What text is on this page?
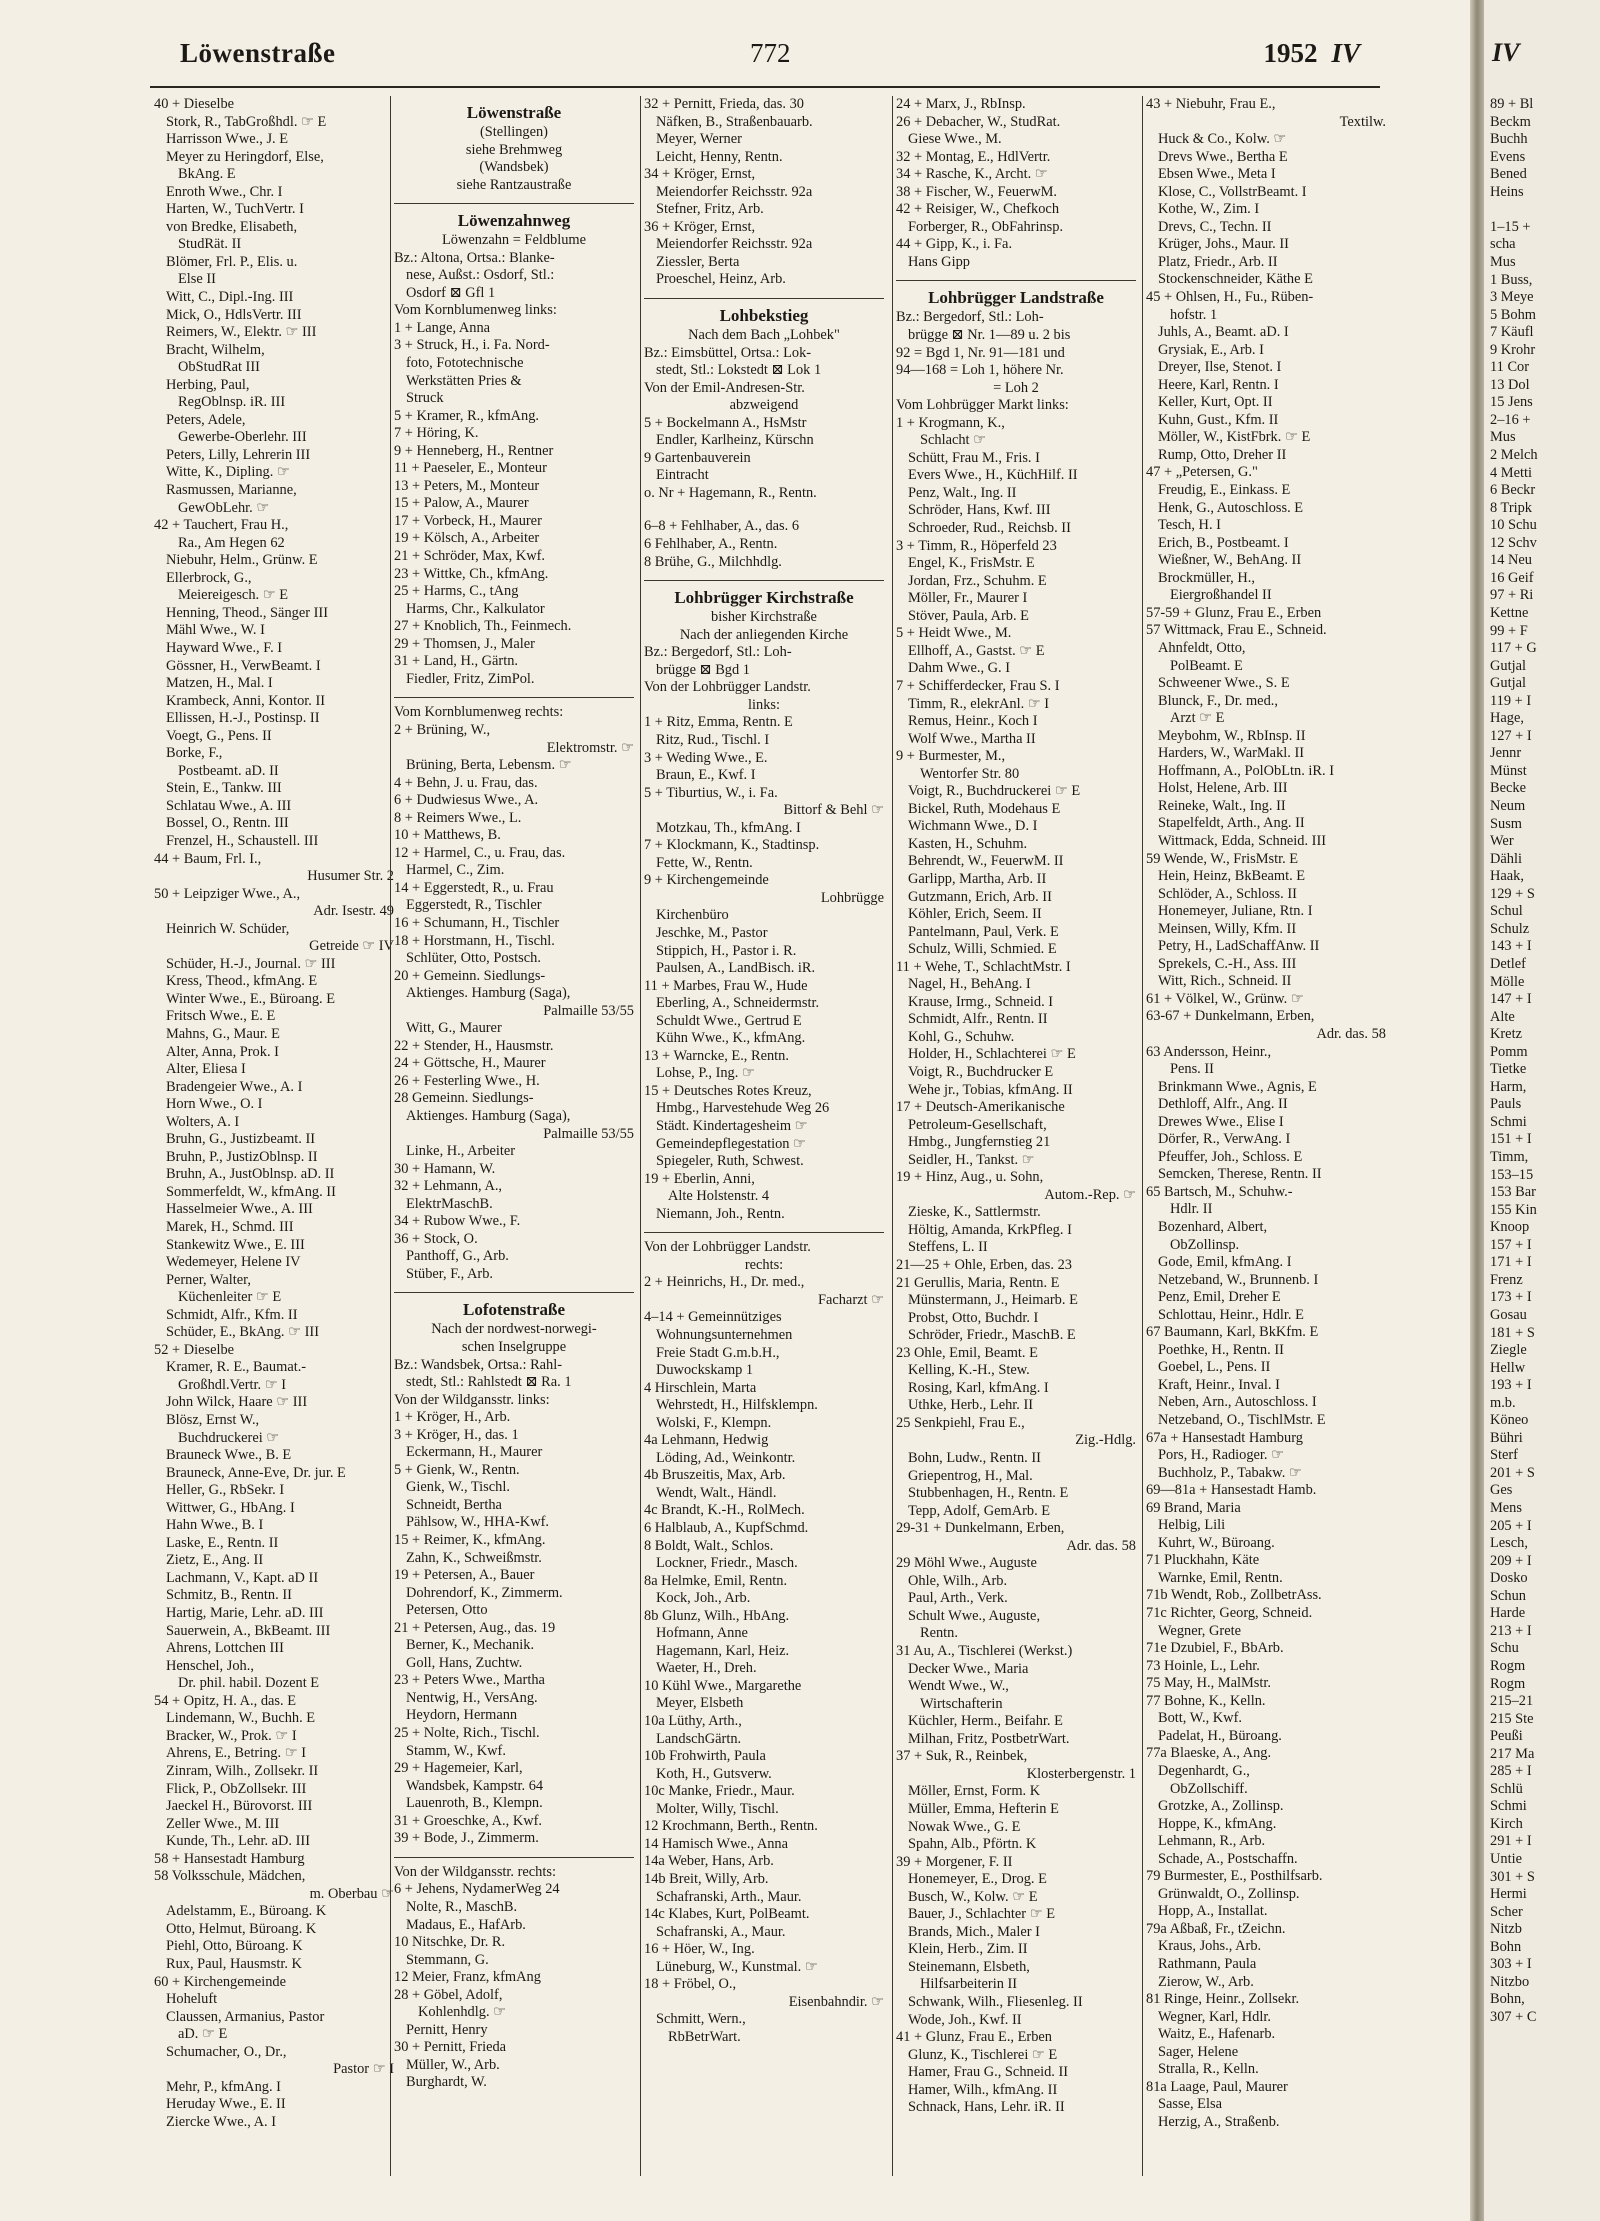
Löwenstraße	772	1952 IV
40 + Dieselbe
Stork, R., TabGroßhdl. ☞ E
Harrisson Wwe., J. E
Meyer zu Heringdorf, Else,
BkAng. E
Enroth Wwe., Chr. I
Harten, W., TuchVertr. I
von Bredke, Elisabeth,
StudRät. II
Blömer, Frl. P., Elis. u.
Else II
Witt, C., Dipl.-Ing. III
Mick, O., HdlsVertr. III
Reimers, W., Elektr. ☞ III
Bracht, Wilhelm,
ObStudRat III
Herbing, Paul,
RegOblnsp. iR. III
Peters, Adele,
Gewerbe-Oberlehr. III
Peters, Lilly, Lehrerin III
Witte, K., Dipling. ☞
Rasmussen, Marianne,
GewObLehr. ☞
42 + Tauchert, Frau H.,
Ra., Am Hegen 62
Niebuhr, Helm., Grünw. E
Ellerbrock, G.,
Meiereigesch. ☞ E
Henning, Theod., Sänger III
Mähl Wwe., W. I
Hayward Wwe., F. I
Gössner, H., VerwBeamt. I
Matzen, H., Mal. I
Krambeck, Anni, Kontor. II
Ellissen, H.-J., Postinsp. II
Voegt, G., Pens. II
Borke, F.,
Postbeamt. aD. II
Stein, E., Tankw. III
Schlatau Wwe., A. III
Bossel, O., Rentn. III
Frenzel, H., Schaustell. III
44 + Baum, Frl. I.,
Husumer Str. 2
50 + Leipziger Wwe., A.,
Adr. Isestr. 49
Heinrich W. Schüder,
Getreide ☞ IV
Schüder, H.-J., Journal. ☞ III
Kress, Theod., kfmAng. E
Winter Wwe., E., Büroang. E
Fritsch Wwe., E. E
Mahns, G., Maur. E
Alter, Anna, Prok. I
Alter, Eliesa I
Bradengeier Wwe., A. I
Horn Wwe., O. I
Wolters, A. I
Bruhn, G., Justizbeamt. II
Bruhn, P., JustizOblnsp. II
Bruhn, A., JustOblnsp. aD. II
Sommerfeldt, W., kfmAng. II
Hasselmeier Wwe., A. III
Marek, H., Schmd. III
Stankewitz Wwe., E. III
Wedemeyer, Helene IV
Perner, Walter,
Küchenleiter ☞ E
Schmidt, Alfr., Kfm. II
Schüder, E., BkAng. ☞ III
52 + Dieselbe
Kramer, R. E., Baumat.-
Großhdl.Vertr. ☞ I
John Wilck, Haare ☞ III
Blösz, Ernst W.,
Buchdruckerei ☞
Brauneck Wwe., B. E
Brauneck, Anne-Eve, Dr. jur. E
Heller, G., RbSekr. I
Wittwer, G., HbAng. I
Hahn Wwe., B. I
Laske, E., Rentn. II
Zietz, E., Ang. II
Lachmann, V., Kapt. aD II
Schmitz, B., Rentn. II
Hartig, Marie, Lehr. aD. III
Sauerwein, A., BkBeamt. III
Ahrens, Lottchen III
Henschel, Joh.,
Dr. phil. habil. Dozent E
54 + Opitz, H. A., das. E
Lindemann, W., Buchh. E
Bracker, W., Prok. ☞ I
Ahrens, E., Betring. ☞ I
Zinram, Wilh., Zollsekr. II
Flick, P., ObZollsekr. III
Jaeckel H., Bürovorst. III
Zeller Wwe., M. III
Kunde, Th., Lehr. aD. III
58 + Hansestadt Hamburg
58 Volksschule, Mädchen,
m. Oberbau ☞
Adelstamm, E., Büroang. K
Otto, Helmut, Büroang. K
Piehl, Otto, Büroang. K
Rux, Paul, Hausmstr. K
60 + Kirchengemeinde
Hoheluft
Claussen, Armanius, Pastor
aD. ☞ E
Schumacher, O., Dr.,
Pastor ☞ I
Mehr, P., kfmAng. I
Heruday Wwe., E. II
Ziercke Wwe., A. I
Löwenstraße
(Stellingen)
siehe Brehmweg
(Wandsbek)
siehe Rantzaustraße
Löwenzahnweg
Löwenzahn = Feldblume
Bz.: Altona, Ortsa.: Blanke-
nese, Außst.: Osdorf, Stl.:
Osdorf ⊠ Gfl 1
Vom Kornblumenweg links:
1 + Lange, Anna
3 + Struck, H., i. Fa. Nord-
foto, Fototechnische
Werkstätten Pries &
Struck
5 + Kramer, R., kfmAng.
7 + Höring, K.
9 + Henneberg, H., Rentner
11 + Paeseler, E., Monteur
13 + Peters, M., Monteur
15 + Palow, A., Maurer
17 + Vorbeck, H., Maurer
19 + Kölsch, A., Arbeiter
21 + Schröder, Max, Kwf.
23 + Wittke, Ch., kfmAng.
25 + Harms, C., tAng
Harms, Chr., Kalkulator
27 + Knoblich, Th., Feinmech.
29 + Thomsen, J., Maler
31 + Land, H., Gärtn.
Fiedler, Fritz, ZimPol.
Vom Kornblumenweg rechts:
2 + Brüning, W.,
Elektromstr. ☞
Brüning, Berta, Lebensm. ☞
4 + Behn, J. u. Frau, das.
6 + Dudwiesus Wwe., A.
8 + Reimers Wwe., L.
10 + Matthews, B.
12 + Harmel, C., u. Frau, das.
Harmel, C., Zim.
14 + Eggerstedt, R., u. Frau
Eggerstedt, R., Tischler
16 + Schumann, H., Tischler
18 + Horstmann, H., Tischl.
Schlüter, Otto, Postsch.
20 + Gemeinn. Siedlungs-
Aktienges. Hamburg (Saga),
Palmaille 53/55
Witt, G., Maurer
22 + Stender, H., Hausmstr.
24 + Göttsche, H., Maurer
26 + Festerling Wwe., H.
28 Gemeinn. Siedlungs-
Aktienges. Hamburg (Saga),
Palmaille 53/55
Linke, H., Arbeiter
30 + Hamann, W.
32 + Lehmann, A.,
ElektrMaschB.
34 + Rubow Wwe., F.
36 + Stock, O.
Panthoff, G., Arb.
Stüber, F., Arb.
Lofotenstraße
Nach der nordwest-norwegi-
schen Inselgruppe
Bz.: Wandsbek, Ortsa.: Rahl-
stedt, Stl.: Rahlstedt ⊠ Ra. 1
Von der Wildgansstr. links:
1 + Kröger, H., Arb.
3 + Kröger, H., das. 1
Eckermann, H., Maurer
5 + Gienk, W., Rentn.
Gienk, W., Tischl.
Schneidt, Bertha
Pählsow, W., HHA-Kwf.
15 + Reimer, K., kfmAng.
Zahn, K., Schweißmstr.
19 + Petersen, A., Bauer
Dohrendorf, K., Zimmerm.
Petersen, Otto
21 + Petersen, Aug., das. 19
Berner, K., Mechanik.
Goll, Hans, Zuchtw.
23 + Peters Wwe., Martha
Nentwig, H., VersAng.
Heydorn, Hermann
25 + Nolte, Rich., Tischl.
Stamm, W., Kwf.
29 + Hagemeier, Karl,
Wandsbek, Kampstr. 64
Lauenroth, B., Klempn.
31 + Groeschke, A., Kwf.
39 + Bode, J., Zimmerm.
Von der Wildgansstr. rechts:
6 + Jehens, NydamerWeg 24
Nolte, R., MaschB.
Madaus, E., HafArb.
10 Nitschke, Dr. R.
Stemmann, G.
12 Meier, Franz, kfmAng
28 + Göbel, Adolf,
Kohlenhdlg. ☞
Pernitt, Henry
30 + Pernitt, Frieda
Müller, W., Arb.
Burghardt, W.
32 + Pernitt, Frieda, das. 30
Näfken, B., Straßenbauarb.
Meyer, Werner
Leicht, Henny, Rentn.
34 + Kröger, Ernst,
Meiendorfer Reichsstr. 92a
Stefner, Fritz, Arb.
36 + Kröger, Ernst,
Meiendorfer Reichsstr. 92a
Ziessler, Berta
Proeschel, Heinz, Arb.
Lohbekstieg
Nach dem Bach „Lohbek"
Bz.: Eimsbüttel, Ortsa.: Lok-
stedt, Stl.: Lokstedt ⊠ Lok 1
Von der Emil-Andresen-Str.
abzweigend
5 + Bockelmann A., HsMstr
Endler, Karlheinz, Kürschn
9 Gartenbauverein
Eintracht
o. Nr + Hagemann, R., Rentn.
6–8 + Fehlhaber, A., das. 6
6 Fehlhaber, A., Rentn.
8 Brühe, G., Milchhdlg.
Lohbrügger Kirchstraße
bisher Kirchstraße
Nach der anliegenden Kirche
Bz.: Bergedorf, Stl.: Loh-
brügge ⊠ Bgd 1
Von der Lohbrügger Landstr.
links:
1 + Ritz, Emma, Rentn. E
Ritz, Rud., Tischl. I
3 + Weding Wwe., E.
Braun, E., Kwf. I
5 + Tiburtius, W., i. Fa.
Bittorf & Behl ☞
Motzkau, Th., kfmAng. I
7 + Klockmann, K., Stadtinsp.
Fette, W., Rentn.
9 + Kirchengemeinde
Lohbrügge
Kirchenbüro
Jeschke, M., Pastor
Stippich, H., Pastor i. R.
Paulsen, A., LandBisch. iR.
11 + Marbes, Frau W., Hude
Eberling, A., Schneidermstr.
Schuldt Wwe., Gertrud E
Kühn Wwe., K., kfmAng.
13 + Warncke, E., Rentn.
Lohse, P., Ing. ☞
15 + Deutsches Rotes Kreuz,
Hmbg., Harvestehude Weg 26
Städt. Kindertagesheim ☞
Gemeindepflegestation ☞
Spiegeler, Ruth, Schwest.
19 + Eberlin, Anni,
Alte Holstenstr. 4
Niemann, Joh., Rentn.
Von der Lohbrügger Landstr.
rechts:
2 + Heinrichs, H., Dr. med.,
Facharzt ☞
4–14 + Gemeinnütziges
Wohnungsunternehmen
Freie Stadt G.m.b.H.,
Duwockskamp 1
4 Hirschlein, Marta
Wehrstedt, H., Hilfsklempn.
Wolski, F., Klempn.
4a Lehmann, Hedwig
Löding, Ad., Weinkontr.
4b Bruszeitis, Max, Arb.
Wendt, Walt., Händl.
4c Brandt, K.-H., RolMech.
6 Halblaub, A., KupfSchmd.
8 Boldt, Walt., Schlos.
Lockner, Friedr., Masch.
8a Helmke, Emil, Rentn.
Kock, Joh., Arb.
8b Glunz, Wilh., HbAng.
Hofmann, Anne
Hagemann, Karl, Heiz.
Waeter, H., Dreh.
10 Kühl Wwe., Margarethe
Meyer, Elsbeth
10a Lüthy, Arth.,
LandschGärtn.
10b Frohwirth, Paula
Koth, H., Gutsverw.
10c Manke, Friedr., Maur.
Molter, Willy, Tischl.
12 Krochmann, Berth., Rentn.
14 Hamisch Wwe., Anna
14a Weber, Hans, Arb.
14b Breit, Willy, Arb.
Schafranski, Arth., Maur.
14c Klabes, Kurt, PolBeamt.
Schafranski, A., Maur.
16 + Höer, W., Ing.
Lüneburg, W., Kunstmal. ☞
18 + Fröbel, O.,
Eisenbahndir. ☞
Schmitt, Wern.,
RbBetrWart.
24 + Marx, J., RbInsp.
26 + Debacher, W., StudRat.
Giese Wwe., M.
32 + Montag, E., HdlVertr.
34 + Rasche, K., Archt. ☞
38 + Fischer, W., FeuerwM.
42 + Reisiger, W., Chefkoch
Forberger, R., ObFahrinsp.
44 + Gipp, K., i. Fa.
Hans Gipp
Lohbrügger Landstraße
Bz.: Bergedorf, Stl.: Loh-
brügge ⊠ Nr. 1—89 u. 2 bis
92 = Bgd 1, Nr. 91—181 und
94—168 = Loh 1, höhere Nr.
= Loh 2
Vom Lohbrügger Markt links:
1 + Krogmann, K.,
Schlacht ☞
Schütt, Frau M., Fris. I
Evers Wwe., H., KüchHilf. II
Penz, Walt., Ing. II
Schröder, Hans, Kwf. III
Schroeder, Rud., Reichsb. II
3 + Timm, R., Höperfeld 23
Engel, K., FrisMstr. E
Jordan, Frz., Schuhm. E
Möller, Fr., Maurer I
Stöver, Paula, Arb. E
5 + Heidt Wwe., M.
Ellhoff, A., Gastst. ☞ E
Dahm Wwe., G. I
7 + Schifferdecker, Frau S. I
Timm, R., elekrAnl. ☞ I
Remus, Heinr., Koch I
Wolf Wwe., Martha II
9 + Burmester, M.,
Wentorfer Str. 80
Voigt, R., Buchdruckerei ☞ E
Bickel, Ruth, Modehaus E
Wichmann Wwe., D. I
Kasten, H., Schuhm.
Behrendt, W., FeuerwM. II
Garlipp, Martha, Arb. II
Gutzmann, Erich, Arb. II
Köhler, Erich, Seem. II
Pantelmann, Paul, Verk. E
Schulz, Willi, Schmied. E
11 + Wehe, T., SchlachtMstr. I
Nagel, H., BehAng. I
Krause, Irmg., Schneid. I
Schmidt, Alfr., Rentn. II
Kohl, G., Schuhw.
Holder, H., Schlachterei ☞ E
Voigt, R., Buchdrucker E
Wehe jr., Tobias, kfmAng. II
17 + Deutsch-Amerikanische
Petroleum-Gesellschaft,
Hmbg., Jungfernstieg 21
Seidler, H., Tankst. ☞
19 + Hinz, Aug., u. Sohn,
Autom.-Rep. ☞
Zieske, K., Sattlermstr.
Höltig, Amanda, KrkPfleg. I
Steffens, L. II
21—25 + Ohle, Erben, das. 23
21 Gerullis, Maria, Rentn. E
Münstermann, J., Heimarb. E
Probst, Otto, Buchdr. I
Schröder, Friedr., MaschB. E
23 Ohle, Emil, Beamt. E
Kelling, K.-H., Stew.
Rosing, Karl, kfmAng. I
Uthke, Herb., Lehr. II
25 Senkpiehl, Frau E.,
Zig.-Hdlg.
Bohn, Ludw., Rentn. II
Griepentrog, H., Mal.
Stubbenhagen, H., Rentn. E
Tepp, Adolf, GemArb. E
29-31 + Dunkelmann, Erben,
Adr. das. 58
29 Möhl Wwe., Auguste
Ohle, Wilh., Arb.
Paul, Arth., Verk.
Schult Wwe., Auguste,
Rentn.
31 Au, A., Tischlerei (Werkst.)
Decker Wwe., Maria
Wendt Wwe., W.,
Wirtschafterin
Küchler, Herm., Beifahr. E
Milhan, Fritz, PostbetrWart.
37 + Suk, R., Reinbek,
Klosterbergenstr. 1
Möller, Ernst, Form. K
Müller, Emma, Hefterin E
Nowak Wwe., G. E
Spahn, Alb., Pförtn. K
39 + Morgener, F. II
Honemeyer, E., Drog. E
Busch, W., Kolw. ☞ E
Bauer, J., Schlachter ☞ E
Brands, Mich., Maler I
Klein, Herb., Zim. II
Steinemann, Elsbeth,
Hilfsarbeiterin II
Schwank, Wilh., Fliesenleg. II
Wode, Joh., Kwf. II
41 + Glunz, Frau E., Erben
Glunz, K., Tischlerei ☞ E
Hamer, Frau G., Schneid. II
Hamer, Wilh., kfmAng. II
Schnack, Hans, Lehr. iR. II
43 + Niebuhr, Frau E.,
Textilw.
Huck & Co., Kolw. ☞
Drevs Wwe., Bertha E
Ebsen Wwe., Meta I
Klose, C., VollstrBeamt. I
Kothe, W., Zim. I
Drevs, C., Techn. II
Krüger, Johs., Maur. II
Platz, Friedr., Arb. II
Stockenschneider, Käthe E
45 + Ohlsen, H., Fu., Rüben-
hofstr. 1
Juhls, A., Beamt. aD. I
Grysiak, E., Arb. I
Dreyer, Ilse, Stenot. I
Heere, Karl, Rentn. I
Keller, Kurt, Opt. II
Kuhn, Gust., Kfm. II
Möller, W., KistFbrk. ☞ E
Rump, Otto, Dreher II
47 + „Petersen, G."
Freudig, E., Einkass. E
Henk, G., Autoschloss. E
Tesch, H. I
Erich, B., Postbeamt. I
Wießner, W., BehAng. II
Brockmüller, H.,
Eiergroßhandel II
57-59 + Glunz, Frau E., Erben
57 Wittmack, Frau E., Schneid.
Ahnfeldt, Otto,
PolBeamt. E
Schweener Wwe., S. E
Blunck, F., Dr. med.,
Arzt ☞ E
Meybohm, W., RbInsp. II
Harders, W., WarMakl. II
Hoffmann, A., PolObLtn. iR. I
Holst, Helene, Arb. III
Reineke, Walt., Ing. II
Stapelfeldt, Arth., Ang. II
Wittmack, Edda, Schneid. III
59 Wende, W., FrisMstr. E
Hein, Heinz, BkBeamt. E
Schlöder, A., Schloss. II
Honemeyer, Juliane, Rtn. I
Meinsen, Willy, Kfm. II
Petry, H., LadSchaffAnw. II
Sprekels, C.-H., Ass. III
Witt, Rich., Schneid. II
61 + Völkel, W., Grünw. ☞
63-67 + Dunkelmann, Erben,
Adr. das. 58
63 Andersson, Heinr.,
Pens. II
Brinkmann Wwe., Agnis, E
Dethloff, Alfr., Ang. II
Drewes Wwe., Elise I
Dörfer, R., VerwAng. I
Pfeuffer, Joh., Schloss. E
Semcken, Therese, Rentn. II
65 Bartsch, M., Schuhw.-
Hdlr. II
Bozenhard, Albert,
ObZollinsp.
Gode, Emil, kfmAng. I
Netzeband, W., Brunnenb. I
Penz, Emil, Dreher E
Schlottau, Heinr., Hdlr. E
67 Baumann, Karl, BkKfm. E
Poethke, H., Rentn. II
Goebel, L., Pens. II
Kraft, Heinr., Inval. I
Neben, Arn., Autoschloss. I
Netzeband, O., TischlMstr. E
67a + Hansestadt Hamburg
Pors, H., Radioger. ☞
Buchholz, P., Tabakw. ☞
69—81a + Hansestadt Hamb.
69 Brand, Maria
Helbig, Lili
Kuhrt, W., Büroang.
71 Pluckhahn, Käte
Warnke, Emil, Rentn.
71b Wendt, Rob., ZollbetrAss.
71c Richter, Georg, Schneid.
Wegner, Grete
71e Dzubiel, F., BbArb.
73 Hoinle, L., Lehr.
75 May, H., MalMstr.
77 Bohne, K., Kelln.
Bott, W., Kwf.
Padelat, H., Büroang.
77a Blaeske, A., Ang.
Degenhardt, G.,
ObZollschiff.
Grotzke, A., Zollinsp.
Hoppe, K., kfmAng.
Lehmann, R., Arb.
Schade, A., Postschaffn.
79 Burmester, E., Posthilfsarb.
Grünwaldt, O., Zollinsp.
Hopp, A., Installat.
79a Aßbaß, Fr., tZeichn.
Kraus, Johs., Arb.
Rathmann, Paula
Zierow, W., Arb.
81 Ringe, Heinr., Zollsekr.
Wegner, Karl, Hdlr.
Waitz, E., Hafenarb.
Sager, Helene
Stralla, R., Kelln.
81a Laage, Paul, Maurer
Sasse, Elsa
Herzig, A., Straßenb.
IV
89 + Bl
Beckm
Buchh
Evens
Bened
Heins
1–15 +
scha
Mus
1 Buss,
3 Meye
5 Bohm
7 Käufl
9 Krohr
11 Cor
13 Dol
15 Jens
2–16 +
Mus
2 Melch
4 Metti
6 Beckr
8 Tripk
10 Schu
12 Schv
14 Neu
16 Geif
97 + Ri
Kettne
99 + F
117 + G
Gutjal
Gutjal
119 + I
Hage,
127 + I
Jennr
Münst
Becke
Neum
Susm
Wer
Dähli
Haak,
129 + S
Schul
Schulz
143 + I
Detlef
Mölle
147 + I
Alte
Kretz
Pomm
Tietke
Harm,
Pauls
Schmi
151 + I
Timm,
153–15
153 Bar
155 Kin
Knoop
157 + I
171 + I
Frenz
173 + I
Gosau
181 + S
Ziegle
Hellw
193 + I
m.b.
Köneo
Bühri
Sterf
201 + S
Ges
Mens
205 + I
Lesch,
209 + I
Dosko
Schun
Harde
213 + I
Schu
Rogm
Rogm
215–21
215 Ste
Peußi
217 Ma
285 + I
Schlü
Schmi
Kirch
291 + I
Untie
301 + S
Hermi
Scher
Nitzb
Bohn
303 + I
Nitzbo
Bohn,
307 + C
